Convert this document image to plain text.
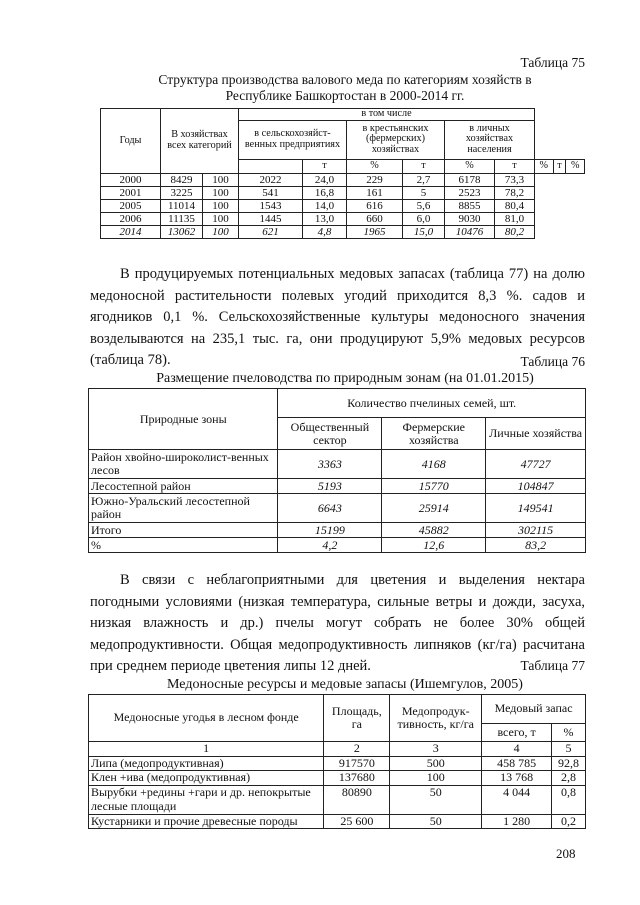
Таблица 75
Структура производства валового меда по категориям хозяйств в
Республике Башкортостан в 2000-2014 гг.
Годы	В хозяйствах всех категорий		в том числе								
			в сельскохозяйст-венных предприятиях		в крестьянских (фермерских) хозяйствах		в личных хозяйствах населения				
				т	%	т	%	т	%	т	%
2000	8429	100	2022	24,0	229	2,7	6178	73,3			
2001	3225	100	541	16,8	161	5	2523	78,2			
2005	11014	100	1543	14,0	616	5,6	8855	80,4			
2006	11135	100	1445	13,0	660	6,0	9030	81,0			
2014	13062	100	621	4,8	1965	15,0	10476	80,2			
В продуцируемых потенциальных медовых запасах (таблица 77) на долю медоносной растительности полевых угодий приходится 8,3 %. садов и ягодников 0,1 %. Сельскохозяйственные культуры медоносного значения возделываются на 235,1 тыс. га, они продуцируют 5,9% медовых ресурсов (таблица 78).	Таблица 76
Размещение пчеловодства по природным зонам (на 01.01.2015)
Природные зоны	Количество пчелиных семей, шт.		
	Общественный сектор	Фермерские хозяйства	Личные хозяйства
Район хвойно-широколист-венных лесов	3363	4168	47727
Лесостепной район	5193	15770	104847
Южно-Уральский лесостепной район	6643	25914	149541
Итого	15199	45882	302115
%	4,2	12,6	83,2
В связи с неблагоприятными для цветения и выделения нектара погодными условиями (низкая температура, сильные ветры и дожди, засуха, низкая влажность и др.) пчелы могут собрать не более 30% общей медопродуктивности. Общая медопродуктивность липняков (кг/га) расчитана при среднем периоде цветения липы 12 дней.	Таблица 77
Медоносные ресурсы и медовые запасы (Ишемгулов, 2005)
Медоносные угодья в лесном фонде	Площадь, га	Медопродук-тивность, кг/га	Медовый запас	
			всего, т	%
1	2	3	4	5
Липа (медопродуктивная)	917570	500	458 785	92,8
Клен +ива (медопродуктивная)	137680	100	13 768	2,8
Вырубки +редины +гари и др. непокрытые лесные площади	80890	50	4 044	0,8
Кустарники и прочие древесные породы	25 600	50	1 280	0,2
208
